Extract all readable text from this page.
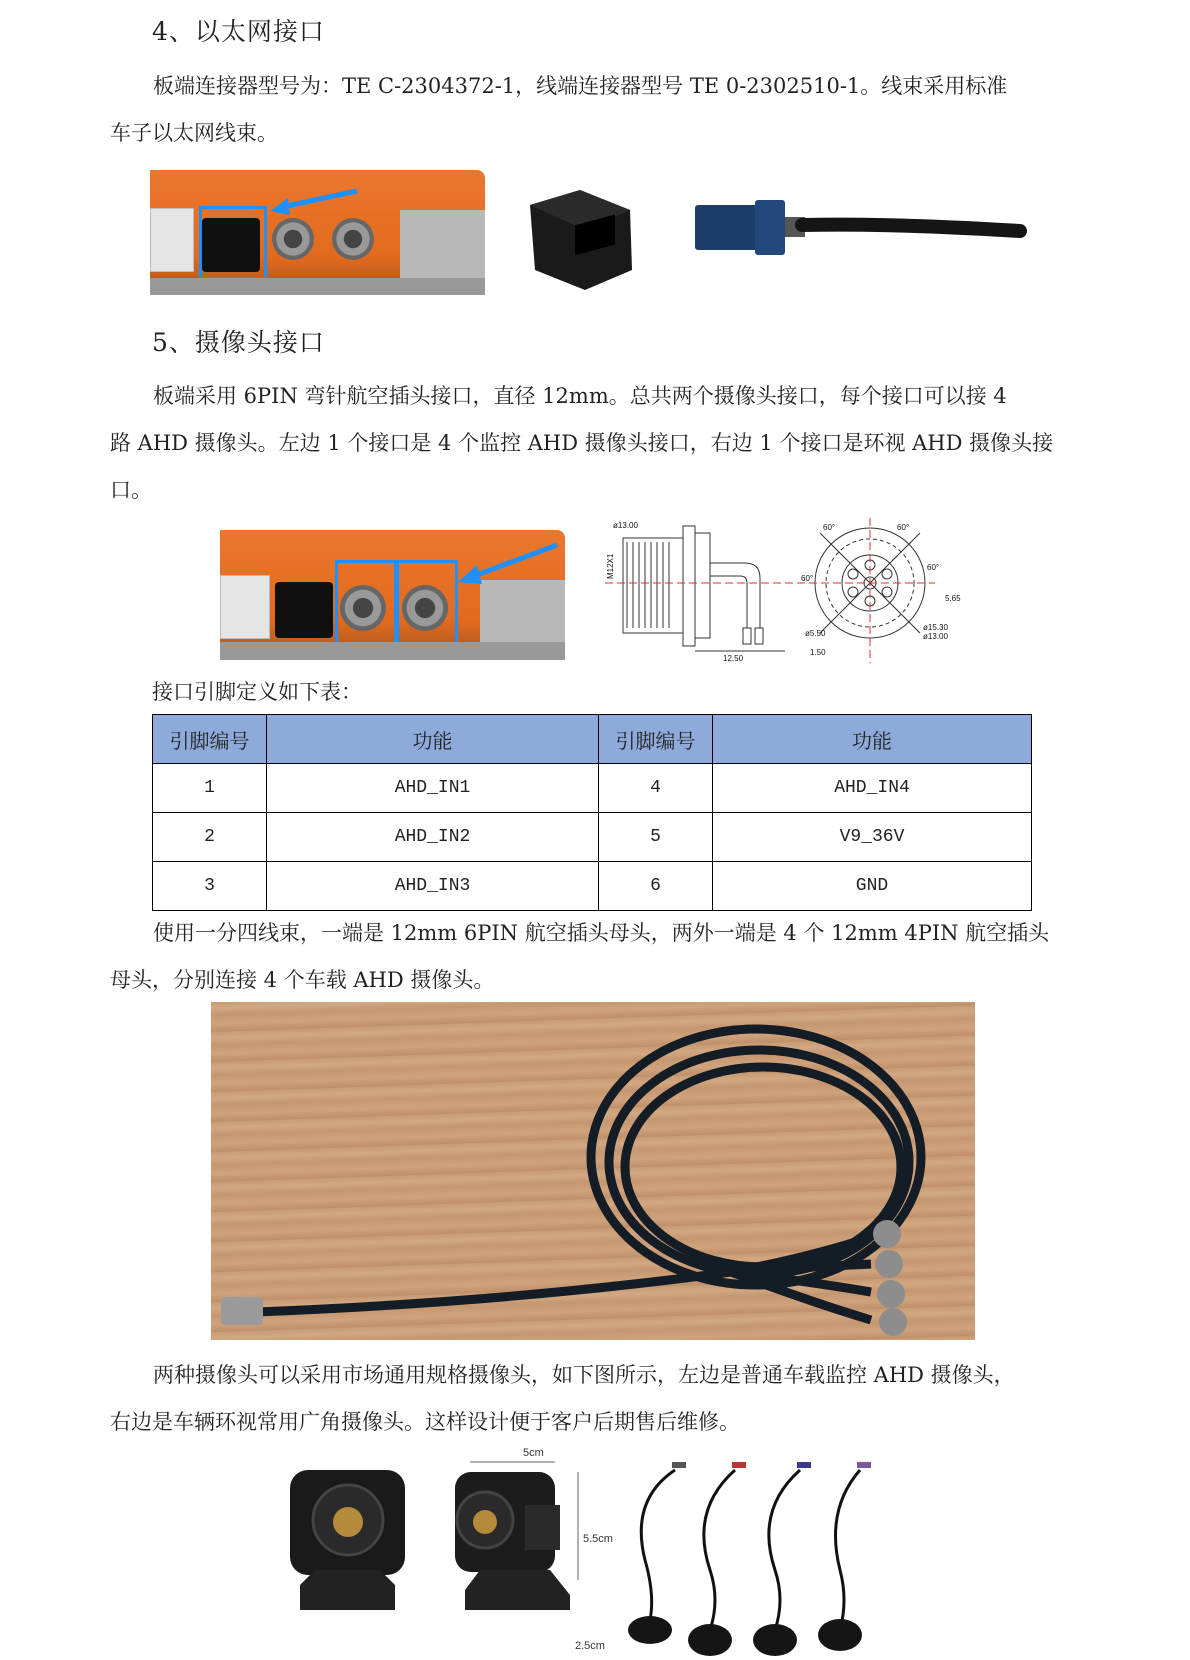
4、以太网接口
板端连接器型号为：TE C-2304372-1，线端连接器型号 TE 0-2302510-1。线束采用标准
车子以太网线束。
5、摄像头接口
板端采用 6PIN 弯针航空插头接口，直径 12mm。总共两个摄像头接口，每个接口可以接 4
路 AHD 摄像头。左边 1 个接口是 4 个监控 AHD 摄像头接口，右边 1 个接口是环视 AHD 摄像头接
口。
ø13.00
M12X1
60°	60°
60°
60°
5.65
ø5.50
ø15.30
ø13.00
12.50
1.50
接口引脚定义如下表：
引脚编号	功能	引脚编号	功能
1	AHD_IN1	4	AHD_IN4
2	AHD_IN2	5	V9_36V
3	AHD_IN3	6	GND
使用一分四线束，一端是 12mm 6PIN 航空插头母头，两外一端是 4 个 12mm 4PIN 航空插头
母头，分别连接 4 个车载 AHD 摄像头。
两种摄像头可以采用市场通用规格摄像头，如下图所示，左边是普通车载监控 AHD 摄像头，
右边是车辆环视常用广角摄像头。这样设计便于客户后期售后维修。
5cm
5.5cm
2.5cm
